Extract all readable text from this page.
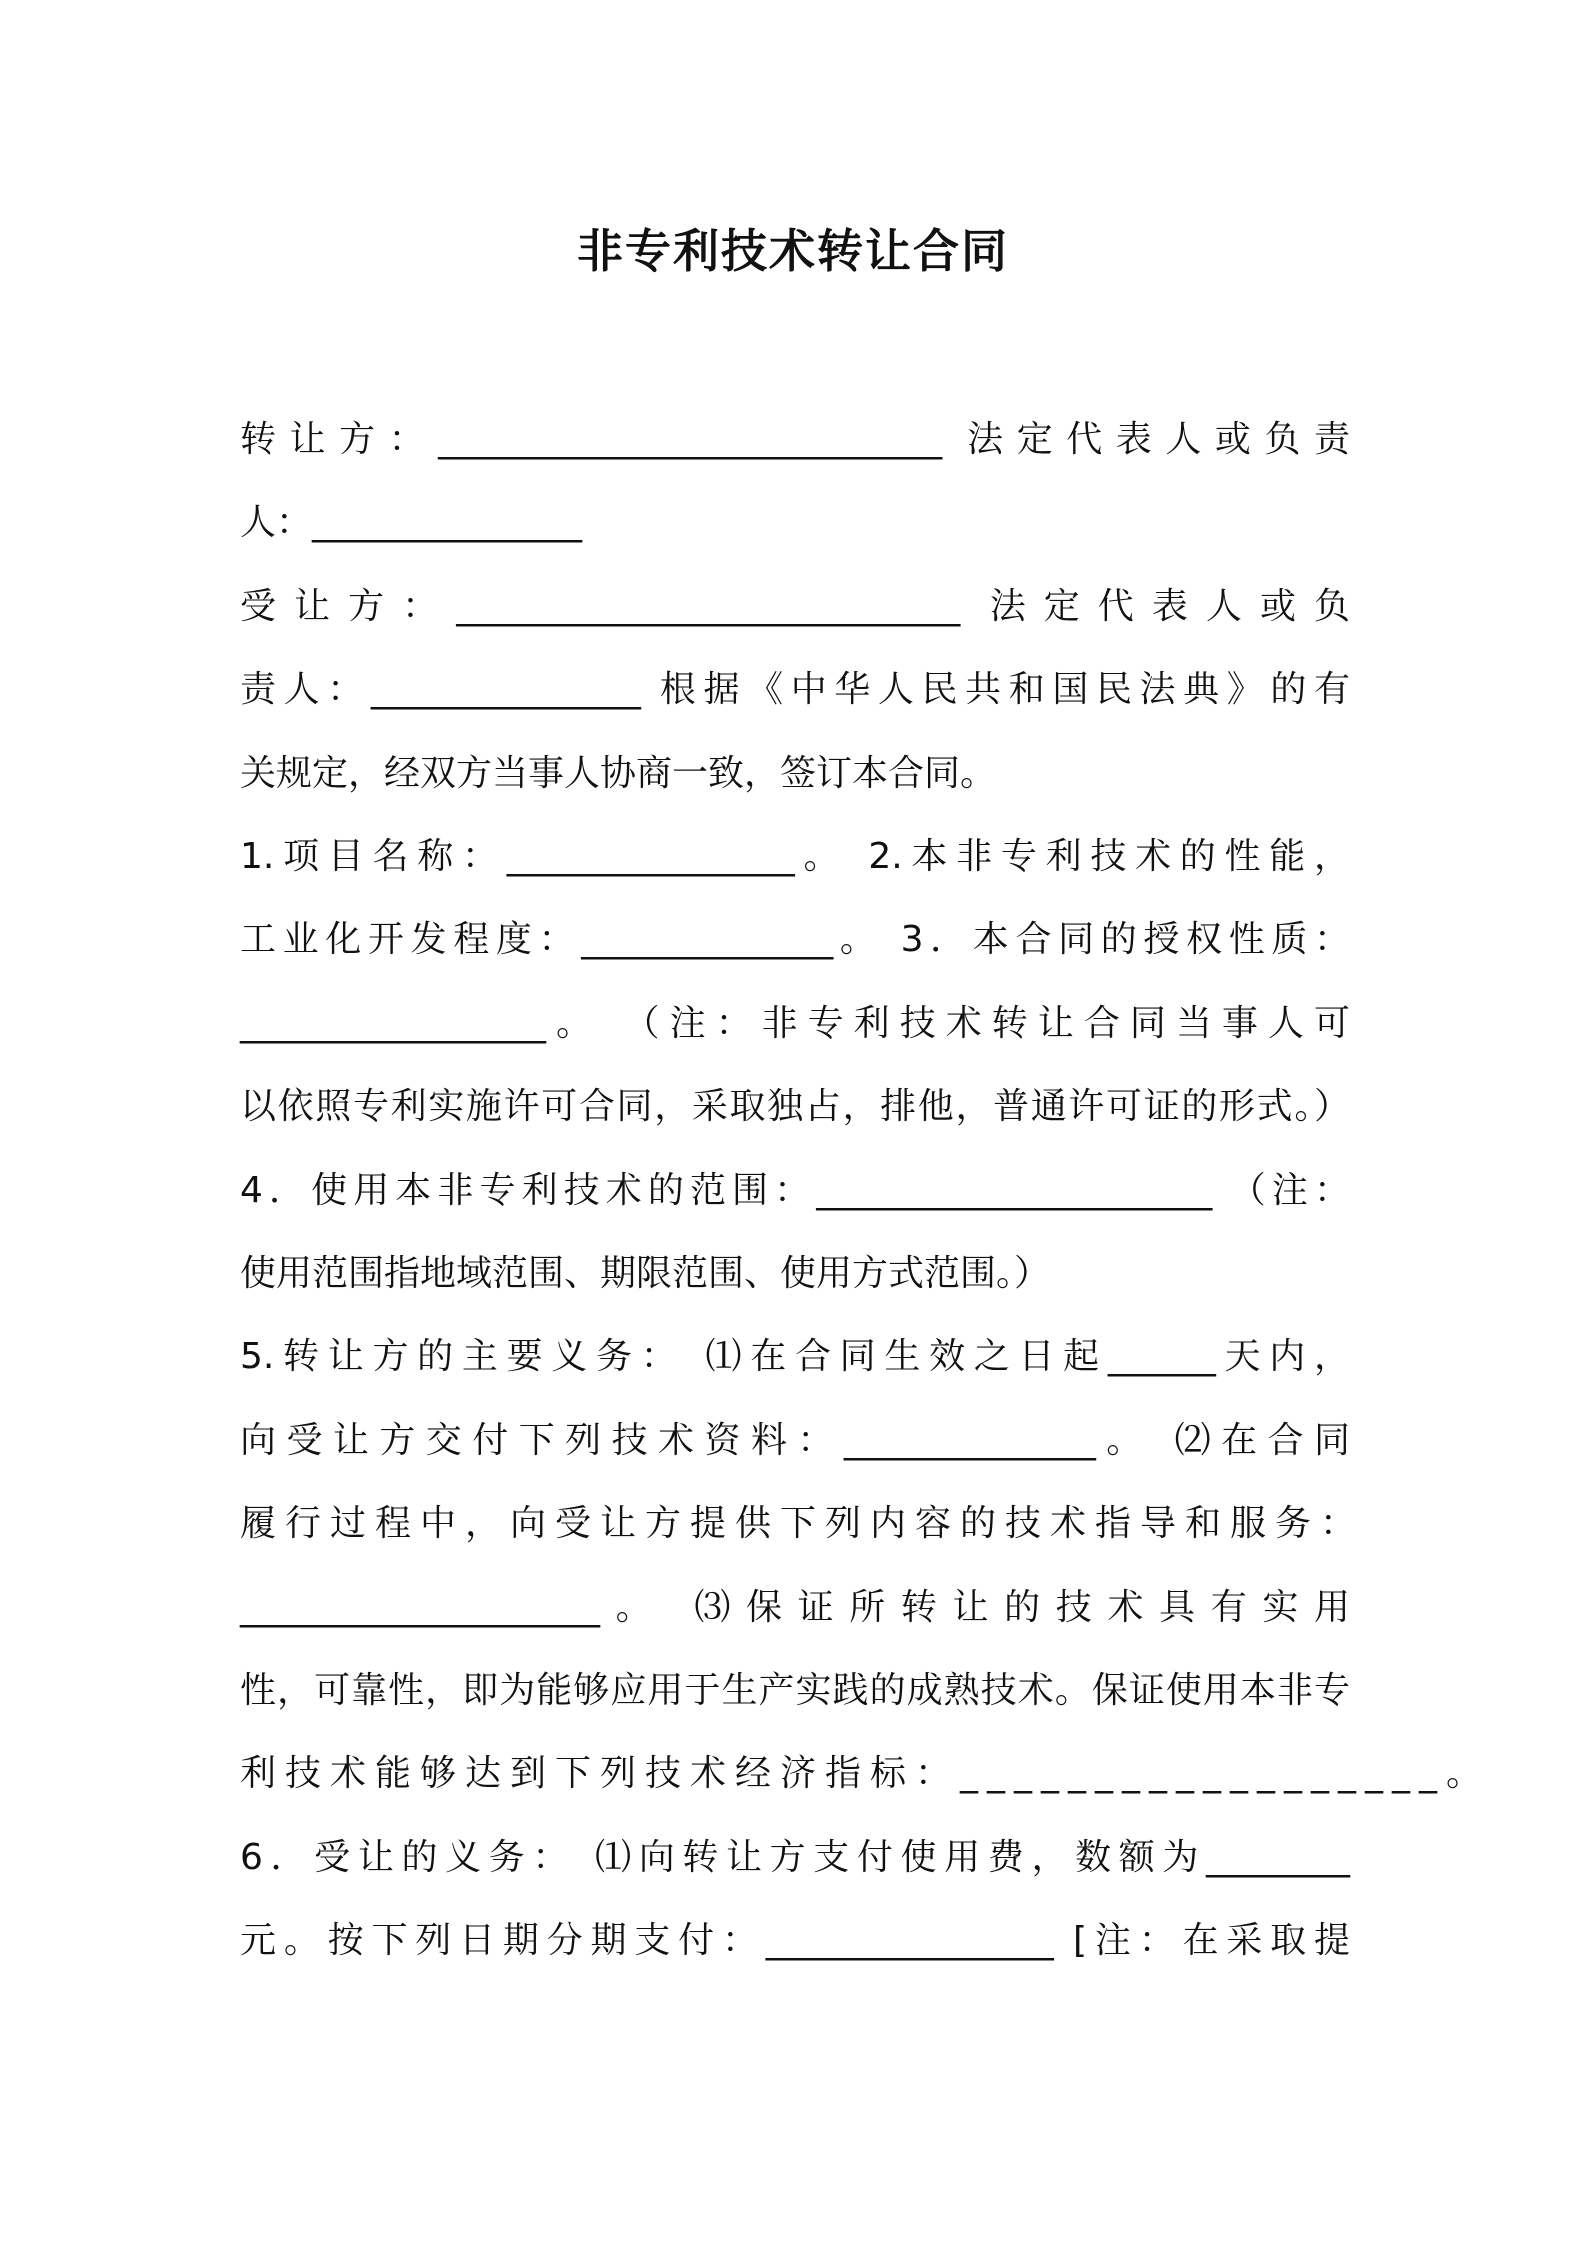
非专利技术转让合同

转让方：____________________________ 法定代表人或负责

人：_______________

受让方：____________________________ 法定代表人或负

责人：_______________ 根据《中华人民共和国民法典》的有

关规定，经双方当事人协商一致，签订本合同。

1.项目名称：________________。 2.本非专利技术的性能，

工业化开发程度：______________。 3．本合同的授权性质：

_________________。 （注：非专利技术转让合同当事人可

以依照专利实施许可合同，采取独占，排他，普通许可证的形式。）

4．使用本非专利技术的范围：______________________ （注：

使用范围指地域范围、期限范围、使用方式范围。）

5.转让方的主要义务： ⑴在合同生效之日起______天内，

向受让方交付下列技术资料：______________。 ⑵在合同

履行过程中，向受让方提供下列内容的技术指导和服务：

____________________。 ⑶保证所转让的技术具有实用

性，可靠性，即为能够应用于生产实践的成熟技术。保证使用本非专

利技术能够达到下列技术经济指标：__________________。

6．受让的义务： ⑴向转让方支付使用费，数额为________

元。按下列日期分期支付：________________ [注：在采取提
